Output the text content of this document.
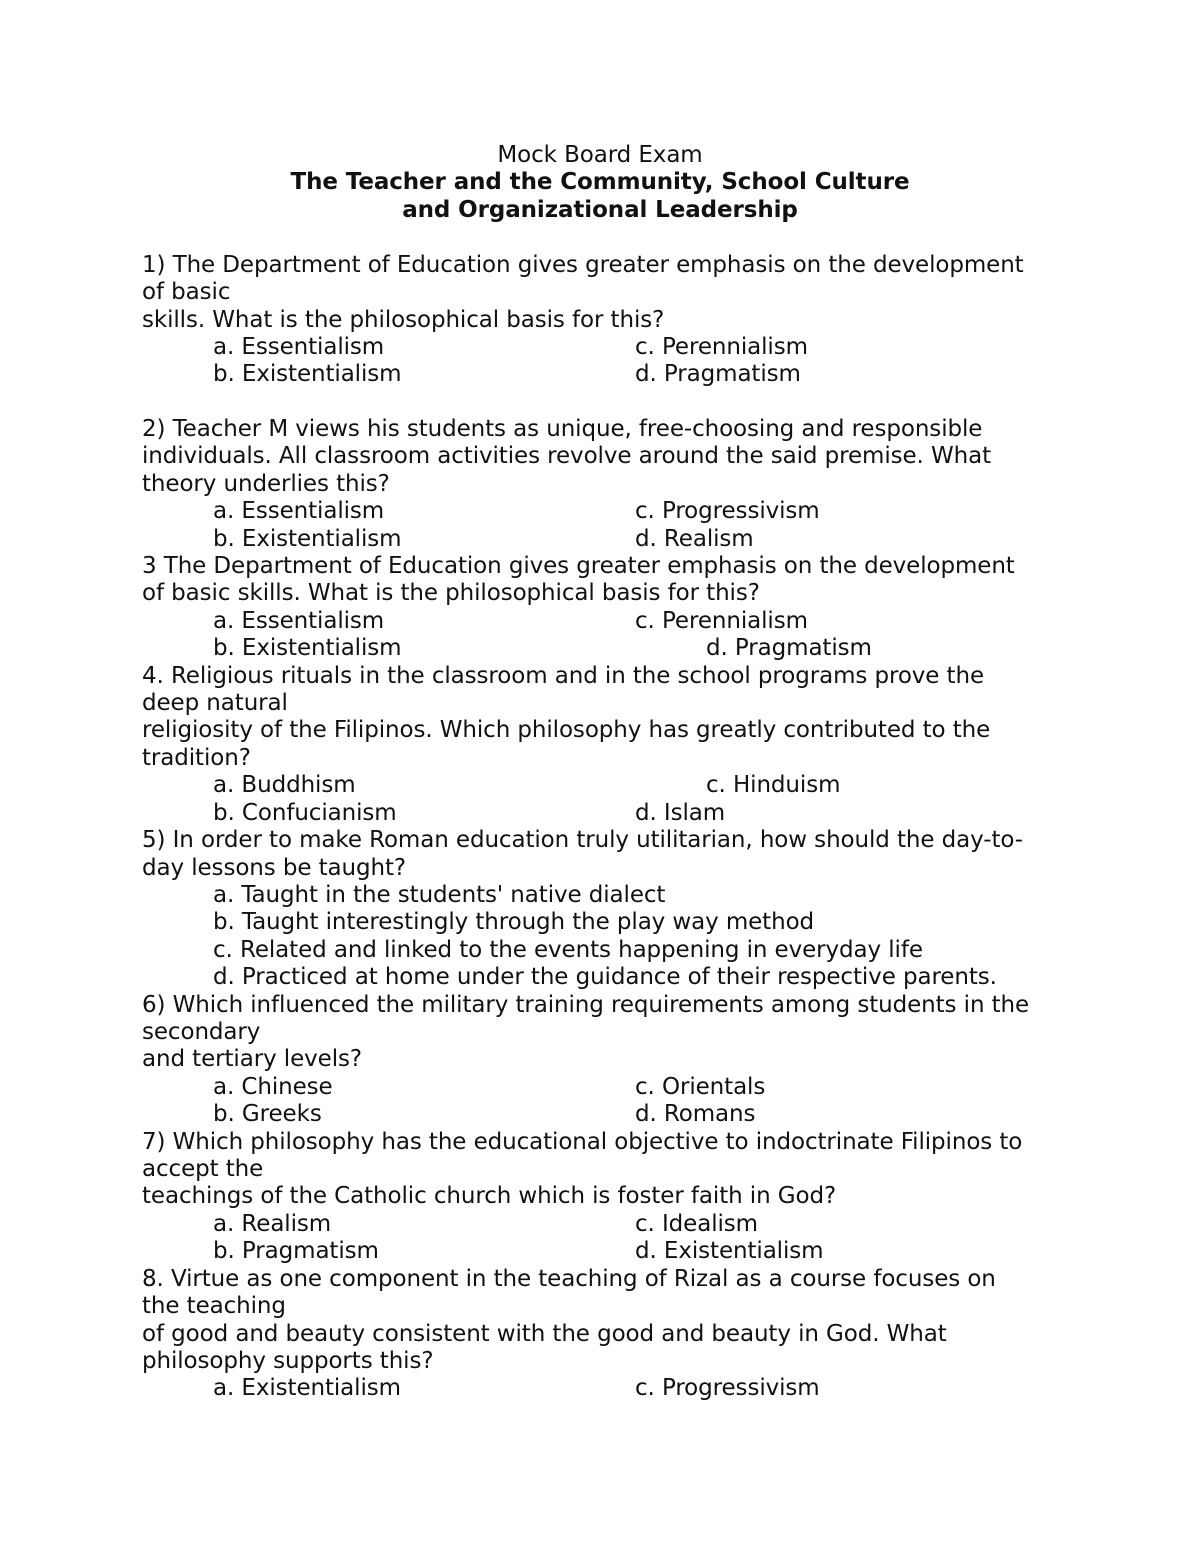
Mock Board Exam
The Teacher and the Community, School Culture
and Organizational Leadership
1) The Department of Education gives greater emphasis on the development
of basic
skills. What is the philosophical basis for this?
a. Essentialism	c. Perennialism
b. Existentialism	d. Pragmatism
2) Teacher M views his students as unique, free-choosing and responsible
individuals. All classroom activities revolve around the said premise. What
theory underlies this?
a. Essentialism	c. Progressivism
b. Existentialism	d. Realism
3 The Department of Education gives greater emphasis on the development
of basic skills. What is the philosophical basis for this?
a. Essentialism	c. Perennialism
b. Existentialism	d. Pragmatism
4. Religious rituals in the classroom and in the school programs prove the
deep natural
religiosity of the Filipinos. Which philosophy has greatly contributed to the
tradition?
a. Buddhism	c. Hinduism
b. Confucianism	d. Islam
5) In order to make Roman education truly utilitarian, how should the day-to-
day lessons be taught?
a. Taught in the students' native dialect
b. Taught interestingly through the play way method
c. Related and linked to the events happening in everyday life
d. Practiced at home under the guidance of their respective parents.
6) Which influenced the military training requirements among students in the
secondary
and tertiary levels?
a. Chinese	c. Orientals
b. Greeks	d. Romans
7) Which philosophy has the educational objective to indoctrinate Filipinos to
accept the
teachings of the Catholic church which is foster faith in God?
a. Realism	c. Idealism
b. Pragmatism	d. Existentialism
8. Virtue as one component in the teaching of Rizal as a course focuses on
the teaching
of good and beauty consistent with the good and beauty in God. What
philosophy supports this?
a. Existentialism	c. Progressivism
